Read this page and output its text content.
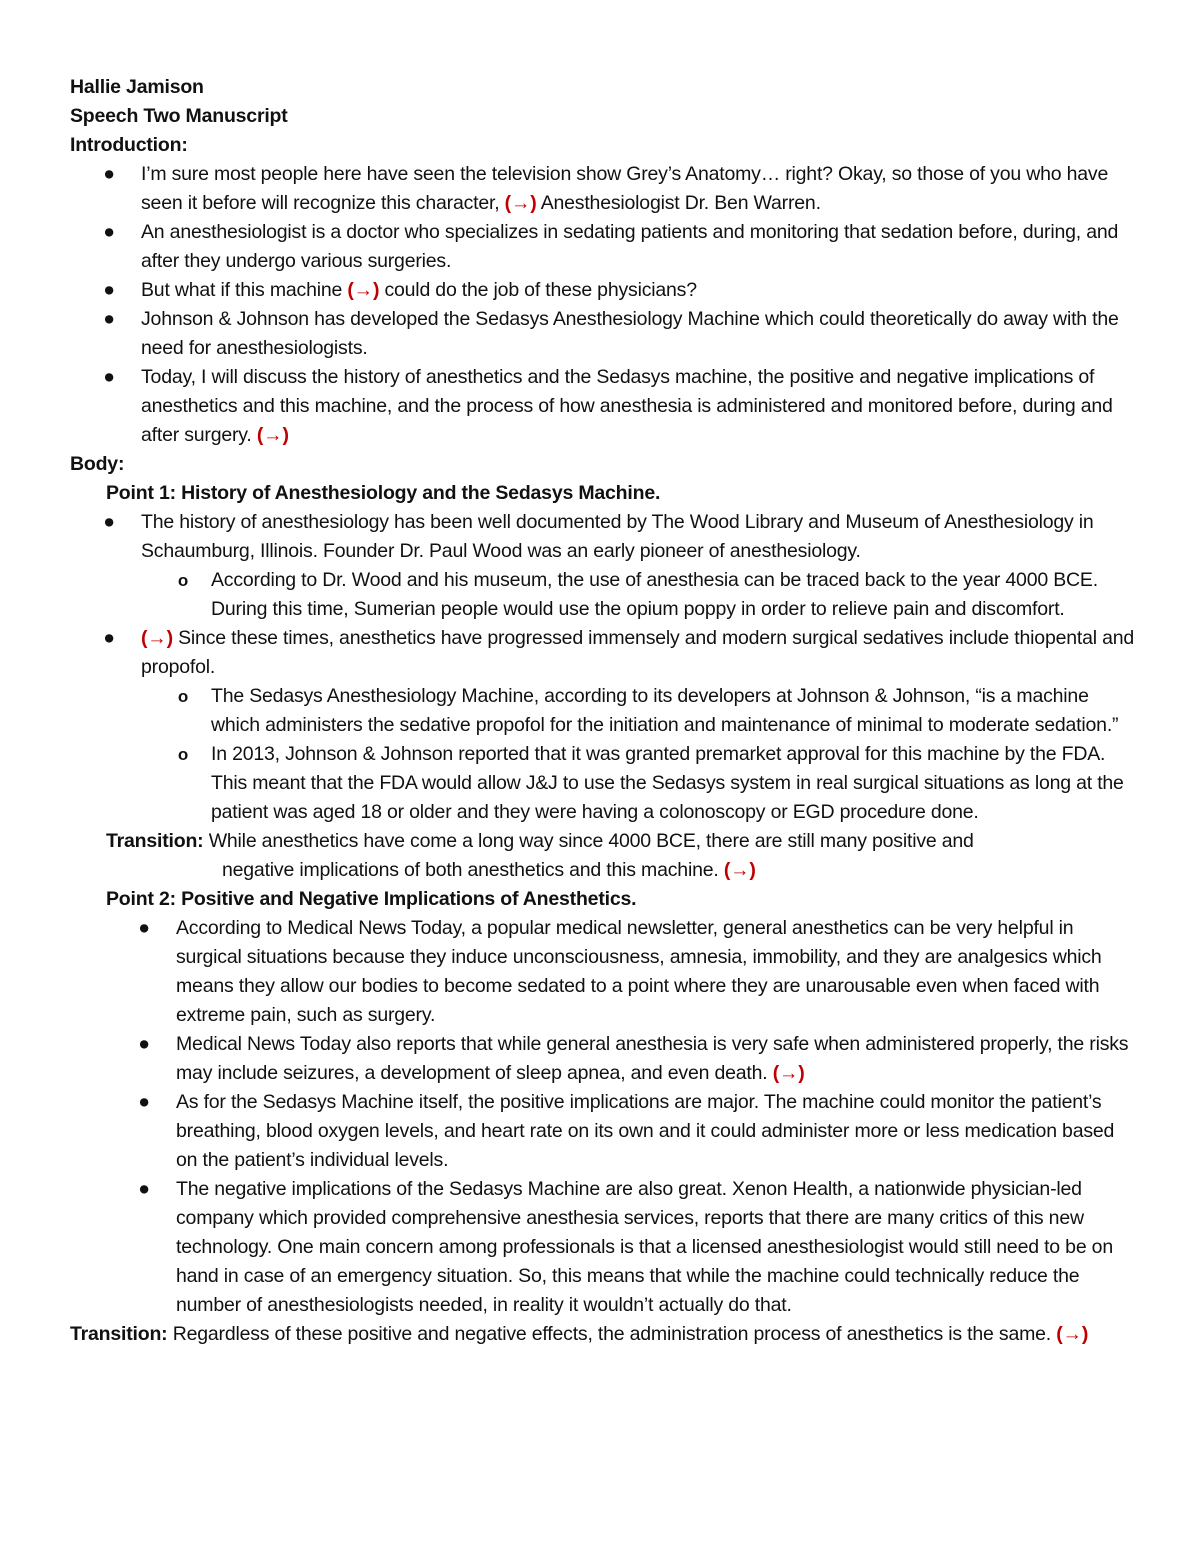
Hallie Jamison

Speech Two Manuscript

Introduction:

● I’m sure most people here have seen the television show Grey’s Anatomy… right? Okay, so those of you who have seen it before will recognize this character, (→) Anesthesiologist Dr. Ben Warren.
● An anesthesiologist is a doctor who specializes in sedating patients and monitoring that sedation before, during, and after they undergo various surgeries.
● But what if this machine (→) could do the job of these physicians?
● Johnson & Johnson has developed the Sedasys Anesthesiology Machine which could theoretically do away with the need for anesthesiologists.
● Today, I will discuss the history of anesthetics and the Sedasys machine, the positive and negative implications of anesthetics and this machine, and the process of how anesthesia is administered and monitored before, during and after surgery. (→)

Body:

Point 1: History of Anesthesiology and the Sedasys Machine.

● The history of anesthesiology has been well documented by The Wood Library and Museum of Anesthesiology in Schaumburg, Illinois. Founder Dr. Paul Wood was an early pioneer of anesthesiology.
o According to Dr. Wood and his museum, the use of anesthesia can be traced back to the year 4000 BCE. During this time, Sumerian people would use the opium poppy in order to relieve pain and discomfort.
● (→) Since these times, anesthetics have progressed immensely and modern surgical sedatives include thiopental and propofol.
o The Sedasys Anesthesiology Machine, according to its developers at Johnson & Johnson, “is a machine which administers the sedative propofol for the initiation and maintenance of minimal to moderate sedation.”
o In 2013, Johnson & Johnson reported that it was granted premarket approval for this machine by the FDA. This meant that the FDA would allow J&J to use the Sedasys system in real surgical situations as long at the patient was aged 18 or older and they were having a colonoscopy or EGD procedure done.
Transition: While anesthetics have come a long way since 4000 BCE, there are still many positive and
negative implications of both anesthetics and this machine. (→)

Point 2: Positive and Negative Implications of Anesthetics.

● According to Medical News Today, a popular medical newsletter, general anesthetics can be very helpful in surgical situations because they induce unconsciousness, amnesia, immobility, and they are analgesics which means they allow our bodies to become sedated to a point where they are unarousable even when faced with extreme pain, such as surgery.
● Medical News Today also reports that while general anesthesia is very safe when administered properly, the risks may include seizures, a development of sleep apnea, and even death. (→)
● As for the Sedasys Machine itself, the positive implications are major. The machine could monitor the patient’s breathing, blood oxygen levels, and heart rate on its own and it could administer more or less medication based on the patient’s individual levels.
● The negative implications of the Sedasys Machine are also great. Xenon Health, a nationwide physician-led company which provided comprehensive anesthesia services, reports that there are many critics of this new technology. One main concern among professionals is that a licensed anesthesiologist would still need to be on hand in case of an emergency situation. So, this means that while the machine could technically reduce the number of anesthesiologists needed, in reality it wouldn’t actually do that.

Transition: Regardless of these positive and negative effects, the administration process of anesthetics is the same. (→)
